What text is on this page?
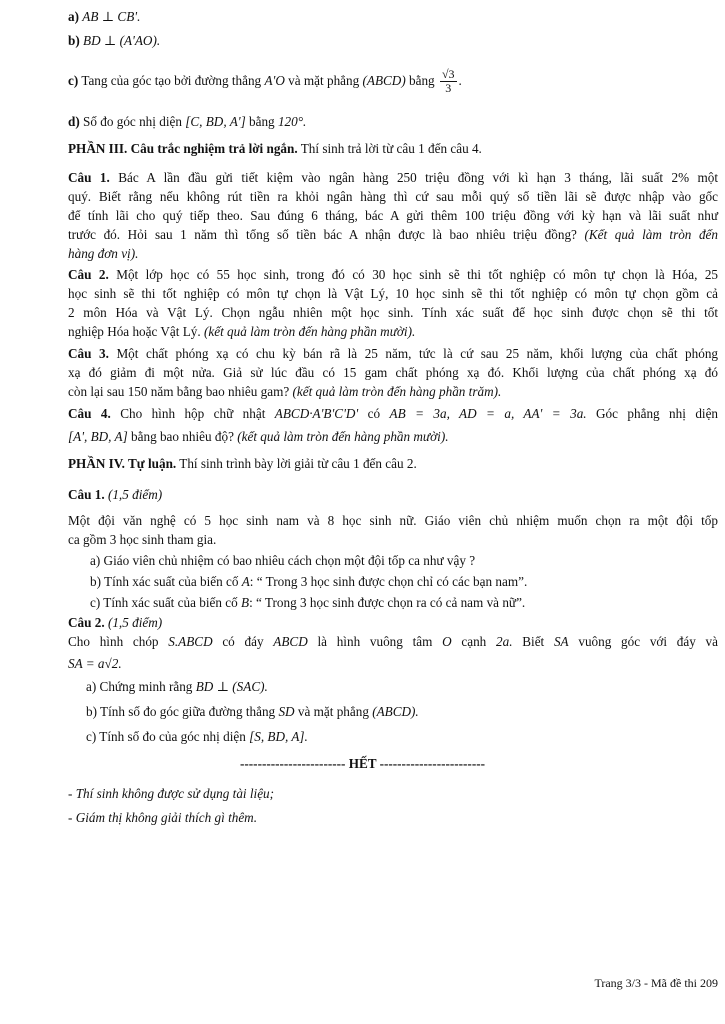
a) AB ⊥ CB'.
b) BD ⊥ (A'AO).
c) Tang của góc tạo bởi đường thẳng A'O và mặt phẳng (ABCD) bằng $\frac{√3}{3}$ .
d) Số đo góc nhị diện [C, BD, A'] bằng 120°.
PHẦN III. Câu trắc nghiệm trả lời ngắn. Thí sinh trả lời từ câu 1 đến câu 4.
Câu 1. Bác A lần đầu gửi tiết kiệm vào ngân hàng 250 triệu đồng với kì hạn 3 tháng, lãi suất 2% một
quý. Biết rằng nếu không rút tiền ra khỏi ngân hàng thì cứ sau mỗi quý số tiền lãi sẽ được nhập vào gốc
để tính lãi cho quý tiếp theo. Sau đúng 6 tháng, bác A gửi thêm 100 triệu đồng với kỳ hạn và lãi suất như
trước đó. Hỏi sau 1 năm thì tổng số tiền bác A nhận được là bao nhiêu triệu đồng? (Kết quả làm tròn đến
hàng đơn vị).
Câu 2. Một lớp học có 55 học sinh, trong đó có 30 học sinh sẽ thi tốt nghiệp có môn tự chọn là Hóa, 25
học sinh sẽ thi tốt nghiệp có môn tự chọn là Vật Lý, 10 học sinh sẽ thi tốt nghiệp có môn tự chọn gồm cả
2 môn Hóa và Vật Lý. Chọn ngẫu nhiên một học sinh. Tính xác suất để học sinh được chọn sẽ thi tốt
nghiệp Hóa hoặc Vật Lý. (kết quả làm tròn đến hàng phần mười).
Câu 3. Một chất phóng xạ có chu kỳ bán rã là 25 năm, tức là cứ sau 25 năm, khối lượng của chất phóng
xạ đó giảm đi một nửa. Giả sử lúc đầu có 15 gam chất phóng xạ đó. Khối lượng của chất phóng xạ đó
còn lại sau 150 năm bằng bao nhiêu gam? (kết quả làm tròn đến hàng phần trăm).
Câu 4. Cho hình hộp chữ nhật ABCD·A'B'C'D' có AB = 3a, AD = a, AA' = 3a. Góc phẳng nhị diện
[A', BD, A] bằng bao nhiêu độ? (kết quả làm tròn đến hàng phần mười).
PHẦN IV. Tự luận. Thí sinh trình bày lời giải từ câu 1 đến câu 2.
Câu 1. (1,5 điểm)
Một đội văn nghệ có 5 học sinh nam và 8 học sinh nữ. Giáo viên chủ nhiệm muốn chọn ra một đội tốp
ca gồm 3 học sinh tham gia.
a) Giáo viên chủ nhiệm có bao nhiêu cách chọn một đội tốp ca như vậy ?
b) Tính xác suất của biến cố A: “ Trong 3 học sinh được chọn chỉ có các bạn nam”.
c) Tính xác suất của biến cố B: “ Trong 3 học sinh được chọn ra có cả nam và nữ”.
Câu 2. (1,5 điểm)
Cho hình chóp S.ABCD có đáy ABCD là hình vuông tâm O cạnh 2a. Biết SA vuông góc với đáy và
SA = a√2.
a) Chứng minh rằng BD ⊥ (SAC).
b) Tính số đo góc giữa đường thẳng SD và mặt phẳng (ABCD).
c) Tính số đo của góc nhị diện [S, BD, A].
------------------------ HẾT ------------------------
- Thí sinh không được sử dụng tài liệu;
- Giám thị không giải thích gì thêm.
Trang 3/3 - Mã đề thi 209
